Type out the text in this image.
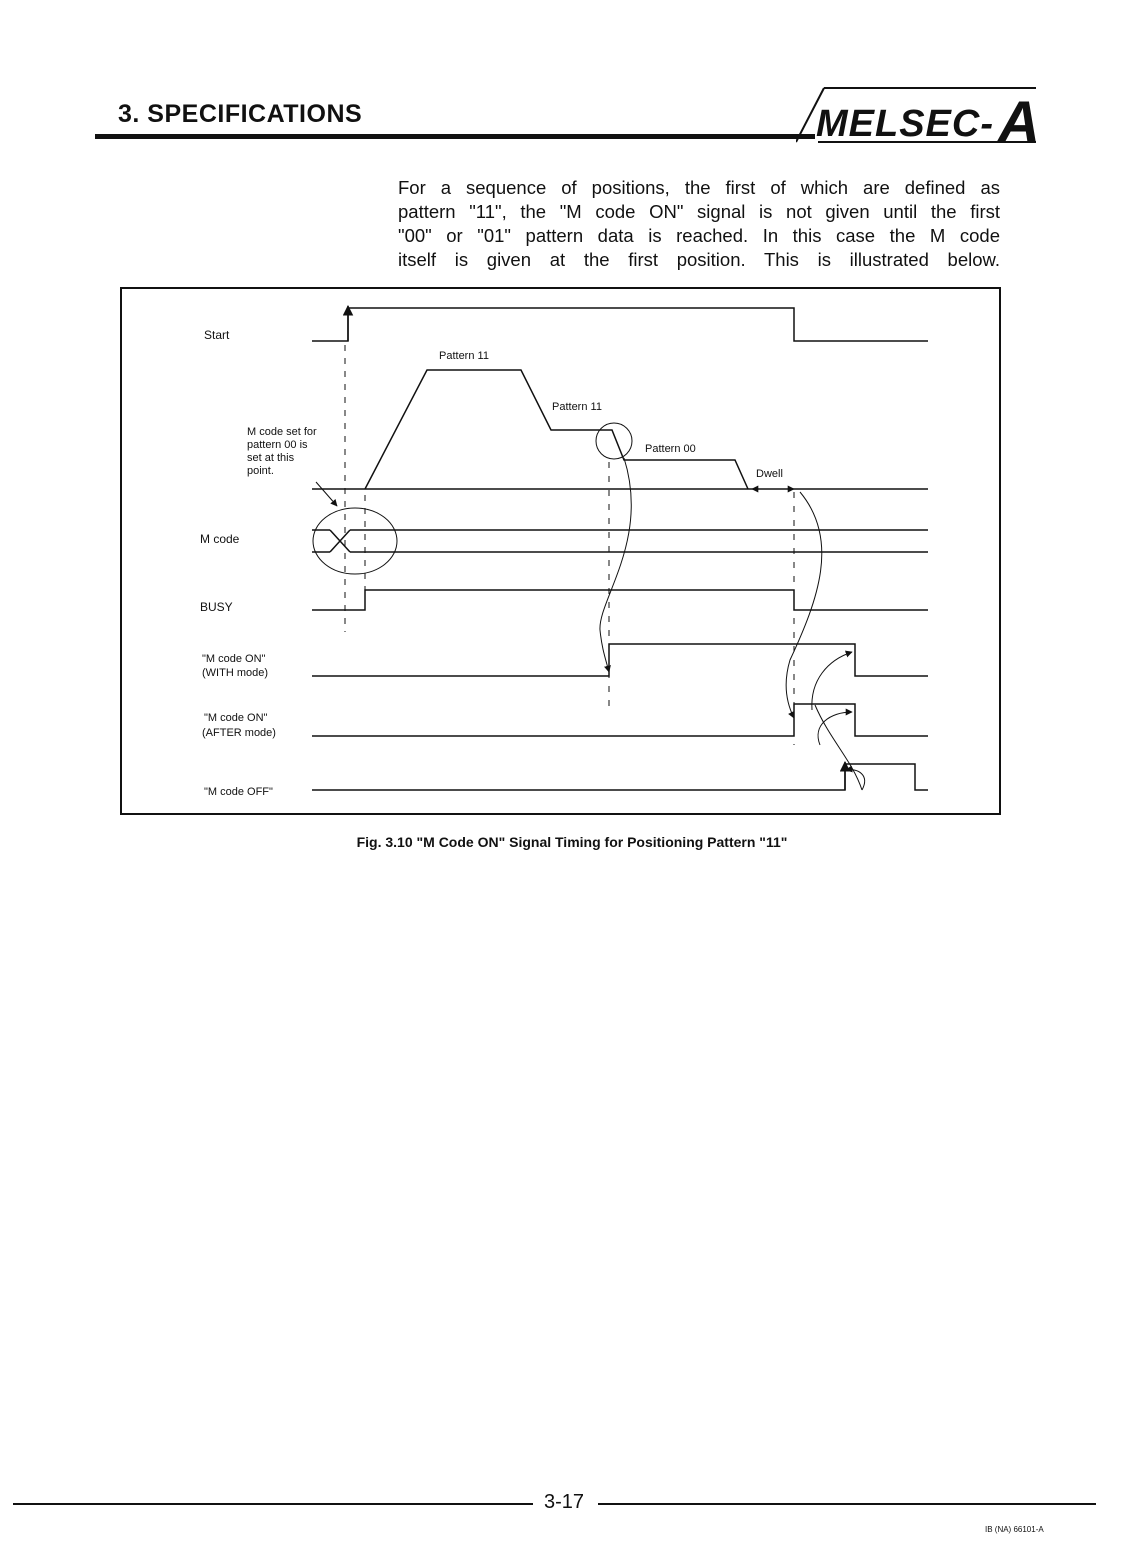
3. SPECIFICATIONS	MELSEC- A

For a sequence of positions, the first of which are defined as

pattern "11", the "M code ON" signal is not given until the first

"00" or "01" pattern data is reached. In this case the M code

itself is given at the first position. This is illustrated below.

Start
M code
BUSY
"M code ON"
(WITH mode)
"M code ON"
(AFTER mode)
"M code OFF"
Pattern 11
Pattern 11
Pattern 00
Dwell
M code set for
pattern 00 is
set at this
point.
Fig. 3.10 "M Code ON" Signal Timing for Positioning Pattern "11"
3-17
IB (NA) 66101-A
